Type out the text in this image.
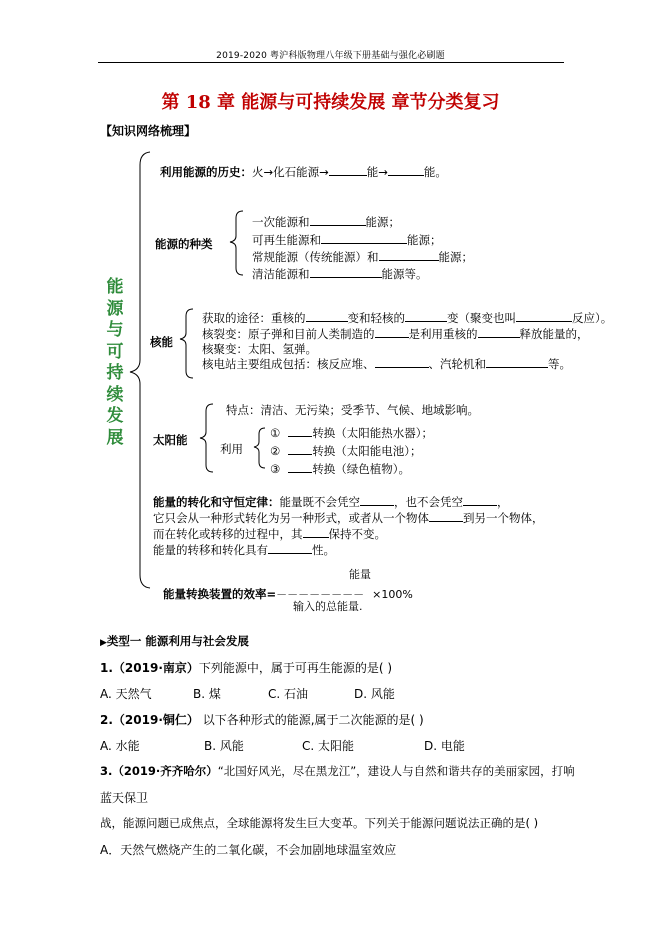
2019-2020 粤沪科版物理八年级下册基础与强化必刷题
第 18 章 能源与可持续发展 章节分类复习
【知识网络梳理】
能
源
与
可
持
续
发
展
利用能源的历史：火→化石能源→	能→	能。
能源的种类
一次能源和	能源；
可再生能源和	能源；
常规能源（传统能源）和	能源；
清洁能源和	能源等。
核能
获取的途径：重核的	变和轻核的	变（聚变也叫	反应）。
核裂变：原子弹和目前人类制造的	是利用重核的	释放能量的，
核聚变：太阳、氢弹。
核电站主要组成包括：核反应堆、	、汽轮机和	等。
太阳能
特点：清洁、无污染；受季节、气候、地域影响。
利用
①	转换（太阳能热水器）；
②	转换（太阳能电池）；
③	转换（绿色植物）。
能量的转化和守恒定律：能量既不会凭空	，也不会凭空	，
它只会从一种形式转化为另一种形式，或者从一个物体	到另一个物体，
而在转化或转移的过程中，其 保持不变。
能量的转移和转化具有	性。
能量
能量转换装置的效率=－－－－－－－－ ×100%
输入的总能量.
▶类型一 能源利用与社会发展
1.（2019·南京）下列能源中，属于可再生能源的是( )
A. 天然气	B. 煤	C. 石油	D. 风能
2.（2019·铜仁） 以下各种形式的能源,属于二次能源的是( )
A. 水能	B. 风能	C. 太阳能	D. 电能
3.（2019·齐齐哈尔）“北国好风光，尽在黑龙江”，建设人与自然和谐共存的美丽家园，打响
蓝天保卫
战，能源问题已成焦点，全球能源将发生巨大变革。下列关于能源问题说法正确的是( )
A．天然气燃烧产生的二氧化碳，不会加剧地球温室效应
